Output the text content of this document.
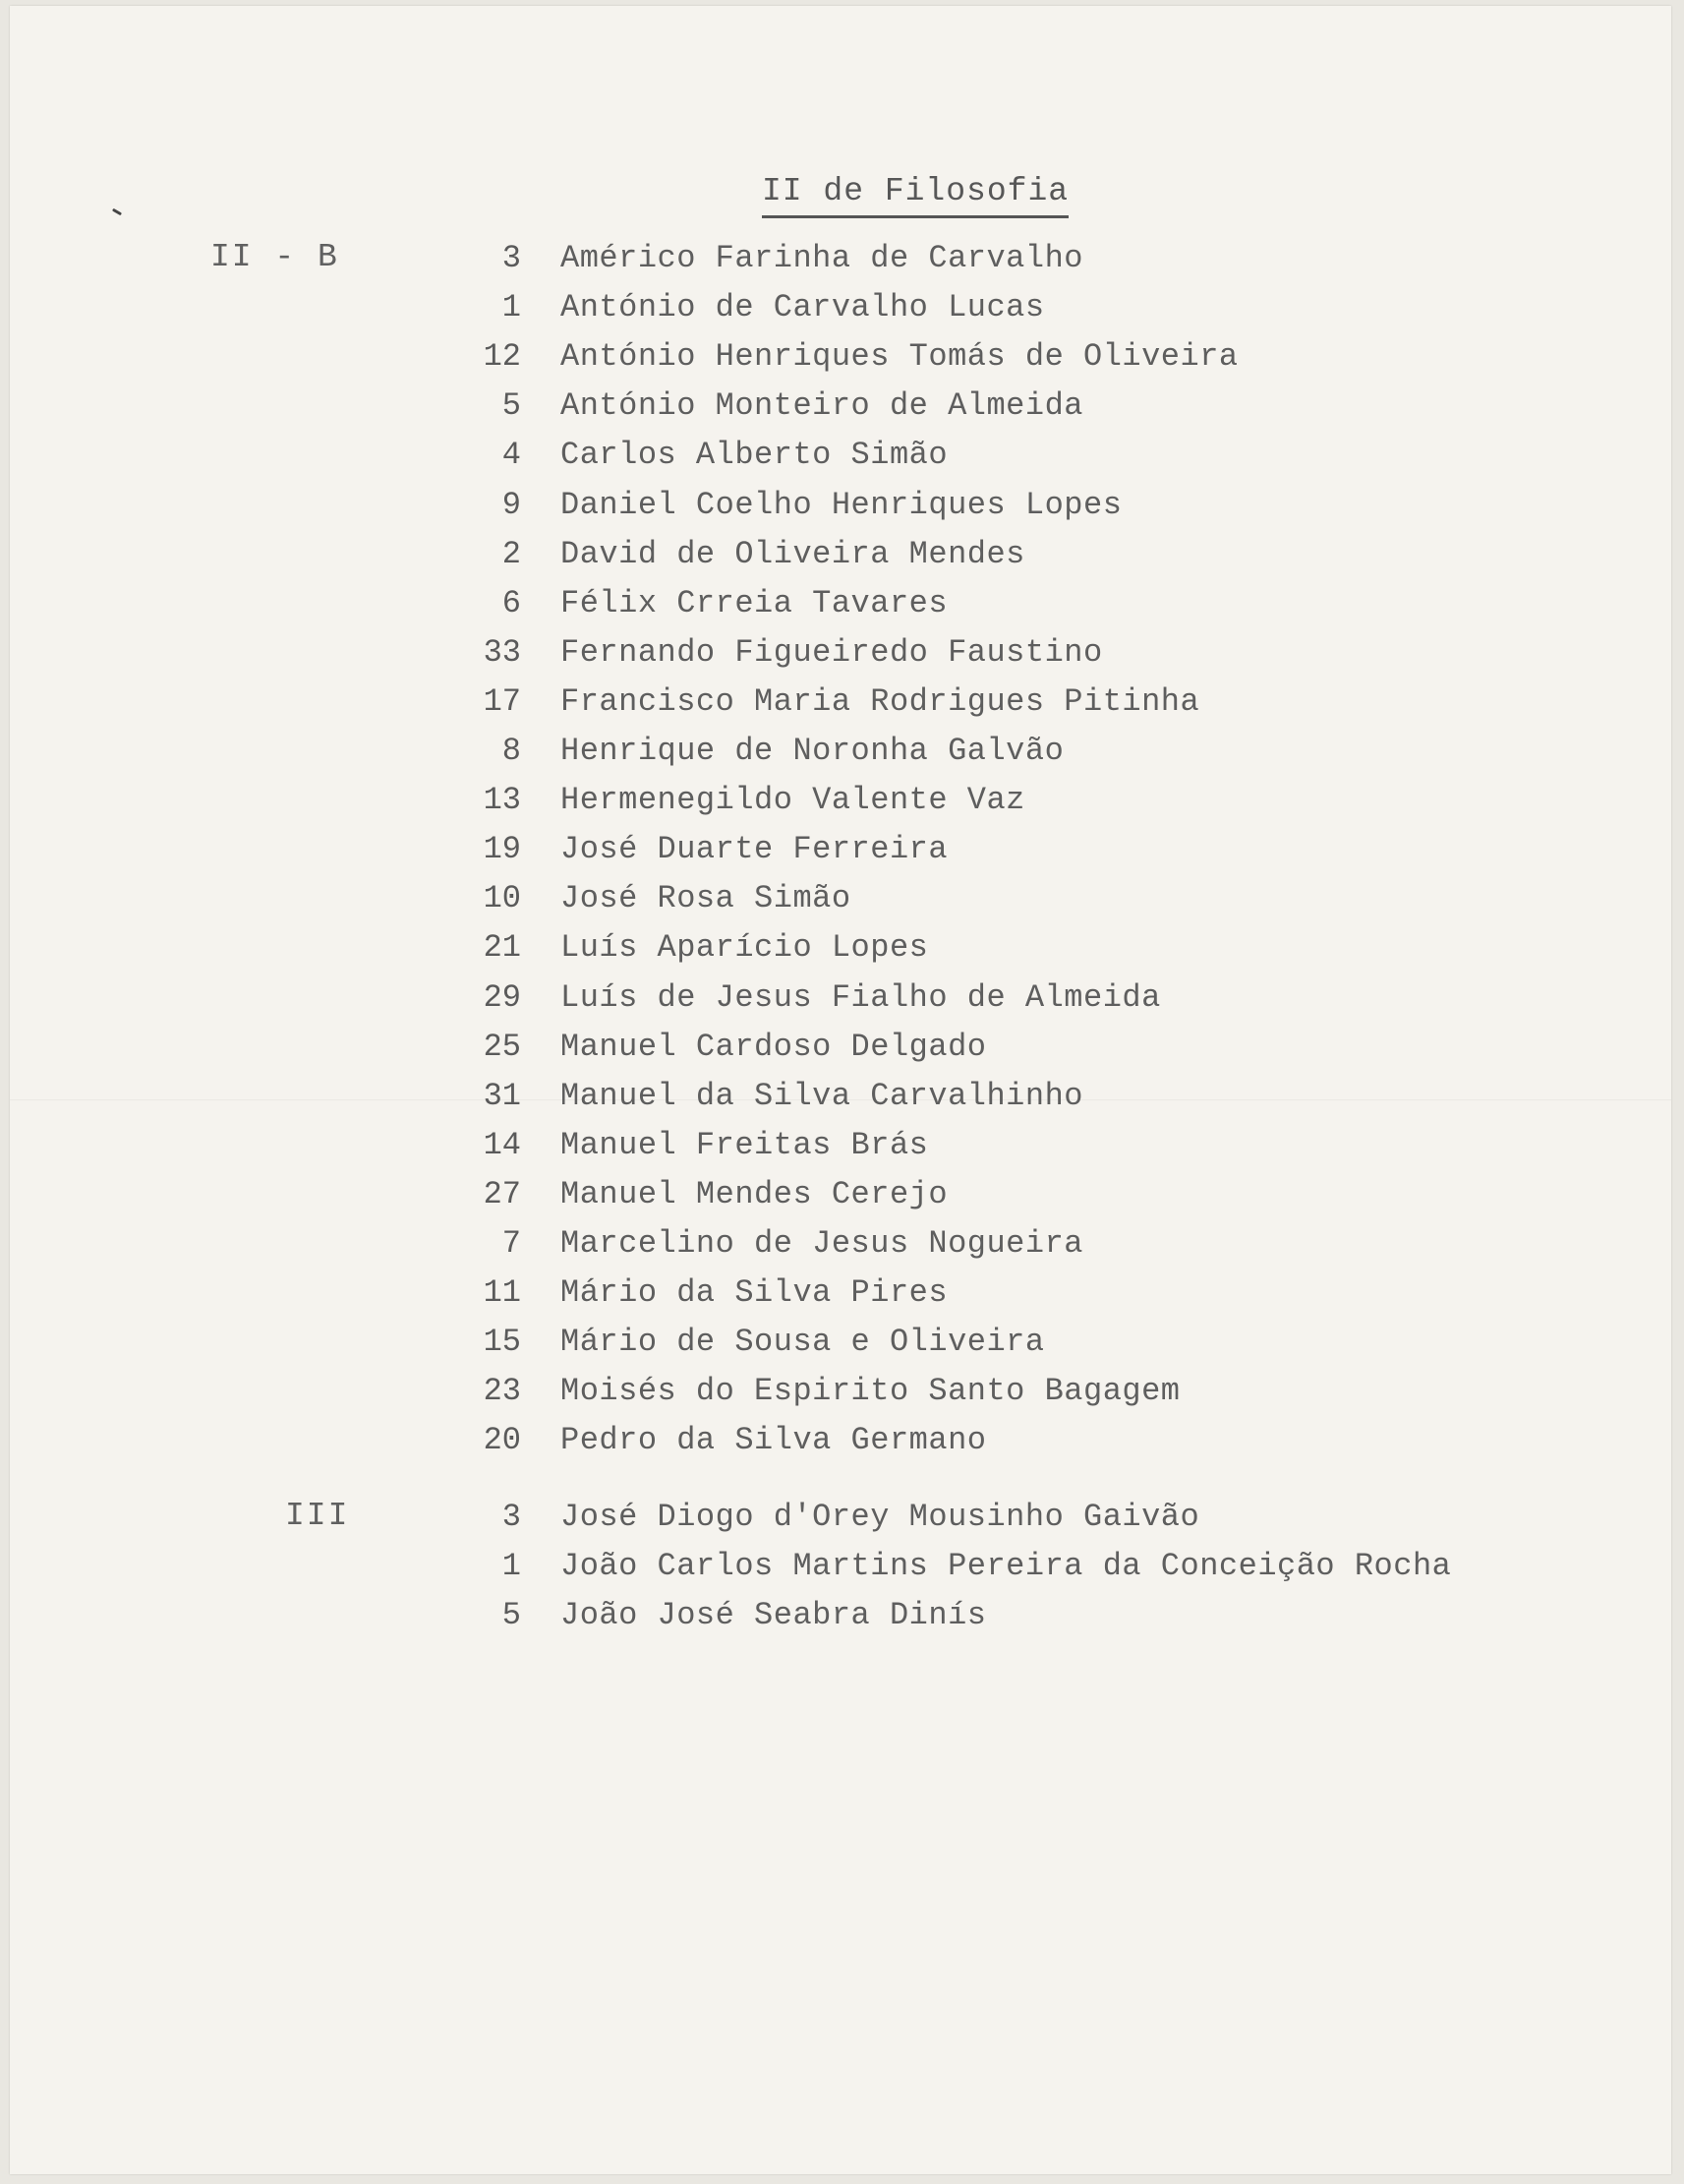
II de Filosofia
II - B
III
3 Américo Farinha de Carvalho
1 António de Carvalho Lucas
12 António Henriques Tomás de Oliveira
5 António Monteiro de Almeida
4 Carlos Alberto Simão
9 Daniel Coelho Henriques Lopes
2 David de Oliveira Mendes
6 Félix Crreia Tavares
33 Fernando Figueiredo Faustino
17 Francisco Maria Rodrigues Pitinha
8 Henrique de Noronha Galvão
13 Hermenegildo Valente Vaz
19 José Duarte Ferreira
10 José Rosa Simão
21 Luís Aparício Lopes
29 Luís de Jesus Fialho de Almeida
25 Manuel Cardoso Delgado
31 Manuel da Silva Carvalhinho
14 Manuel Freitas Brás
27 Manuel Mendes Cerejo
7 Marcelino de Jesus Nogueira
11 Mário da Silva Pires
15 Mário de Sousa e Oliveira
23 Moisés do Espirito Santo Bagagem
20 Pedro da Silva Germano
3 José Diogo d'Orey Mousinho Gaivão
1 João Carlos Martins Pereira da Conceição Rocha
5 João José Seabra Dinís
